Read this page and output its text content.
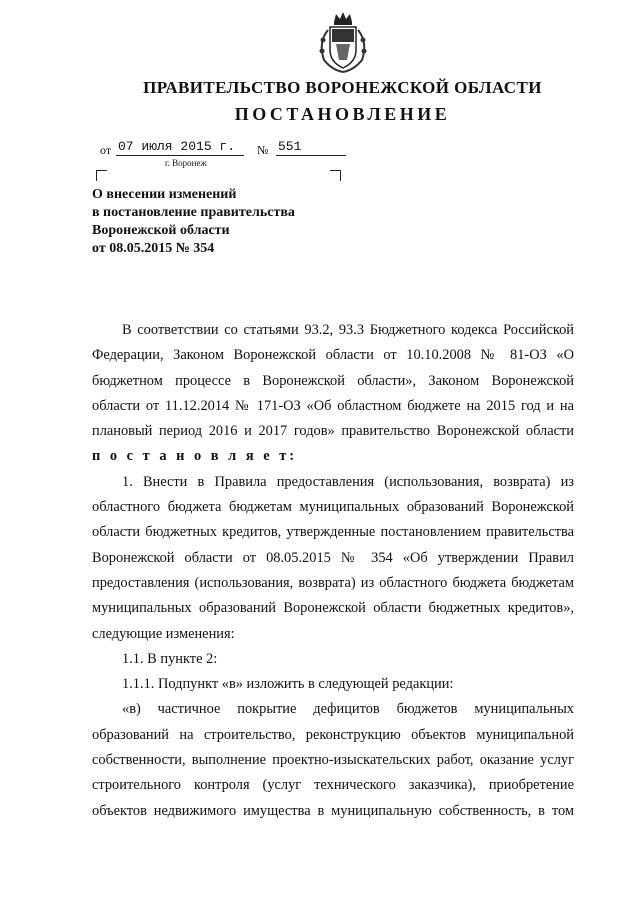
ПРАВИТЕЛЬСТВО ВОРОНЕЖСКОЙ ОБЛАСТИ
ПОСТАНОВЛЕНИЕ
от 07 июля 2015 г.	№ 551
г. Воронеж
О внесении изменений
в постановление правительства
Воронежской области
от 08.05.2015 № 354
В соответствии со статьями 93.2, 93.3 Бюджетного кодекса Российской
Федерации, Законом Воронежской области от 10.10.2008 № 81-ОЗ «О
бюджетном процессе в Воронежской области», Законом Воронежской
области от 11.12.2014 № 171-ОЗ «Об областном бюджете на 2015 год и на
плановый период 2016 и 2017 годов» правительство Воронежской области
п о с т а н о в л я е т:
1. Внести в Правила предоставления (использования, возврата) из
областного бюджета бюджетам муниципальных образований Воронежской
области бюджетных кредитов, утвержденные постановлением правительства
Воронежской области от 08.05.2015 № 354 «Об утверждении Правил
предоставления (использования, возврата) из областного бюджета бюджетам
муниципальных образований Воронежской области бюджетных кредитов»,
следующие изменения:
1.1. В пункте 2:
1.1.1. Подпункт «в» изложить в следующей редакции:
«в) частичное покрытие дефицитов бюджетов муниципальных
образований на строительство, реконструкцию объектов муниципальной
собственности, выполнение проектно-изыскательских работ, оказание услуг
строительного контроля (услуг технического заказчика), приобретение
объектов недвижимого имущества в муниципальную собственность, в том
